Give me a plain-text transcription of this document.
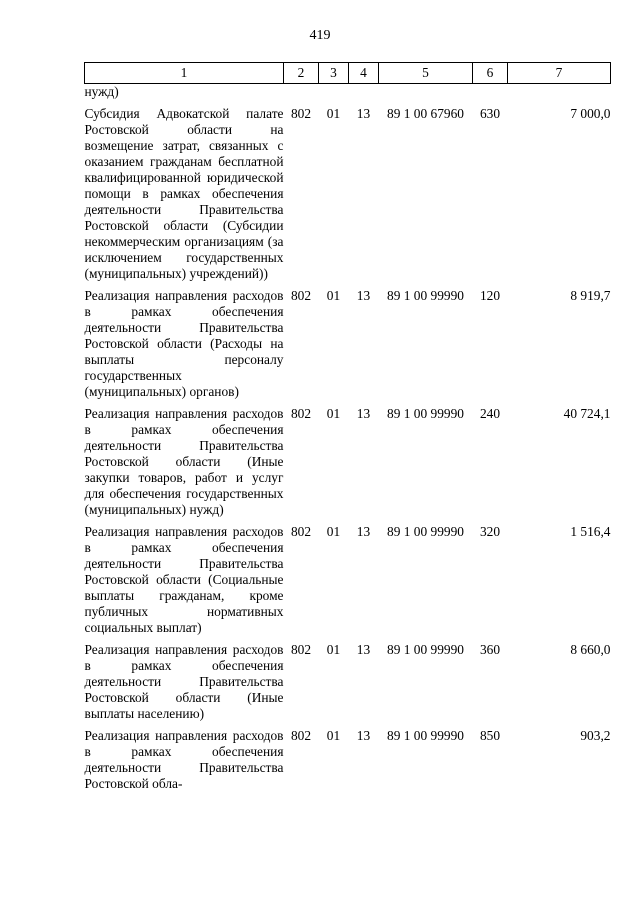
419
1	2	3	4	5	6	7
нужд)						
Субсидия Адвокатской палате Ростовской области на возмещение затрат, связанных с оказанием гражданам бесплатной квалифицированной юридической помощи в рамках обеспечения деятельности Правительства Ростовской области (Субсидии некоммерческим организациям (за исключением государственных (муниципальных) учреждений))	802	01	13	89 1 00 67960	630	7 000,0
Реализация направления расходов в рамках обеспечения деятельности Правительства Ростовской области (Расходы на выплаты персоналу государственных (муниципальных) органов)	802	01	13	89 1 00 99990	120	8 919,7
Реализация направления расходов в рамках обеспечения деятельности Правительства Ростовской области (Иные закупки товаров, работ и услуг для обеспечения государственных (муниципальных) нужд)	802	01	13	89 1 00 99990	240	40 724,1
Реализация направления расходов в рамках обеспечения деятельности Правительства Ростовской области (Социальные выплаты гражданам, кроме публичных нормативных социальных выплат)	802	01	13	89 1 00 99990	320	1 516,4
Реализация направления расходов в рамках обеспечения деятельности Правительства Ростовской области (Иные выплаты населению)	802	01	13	89 1 00 99990	360	8 660,0
Реализация направления расходов в рамках обеспечения деятельности Правительства Ростовской обла-	802	01	13	89 1 00 99990	850	903,2
